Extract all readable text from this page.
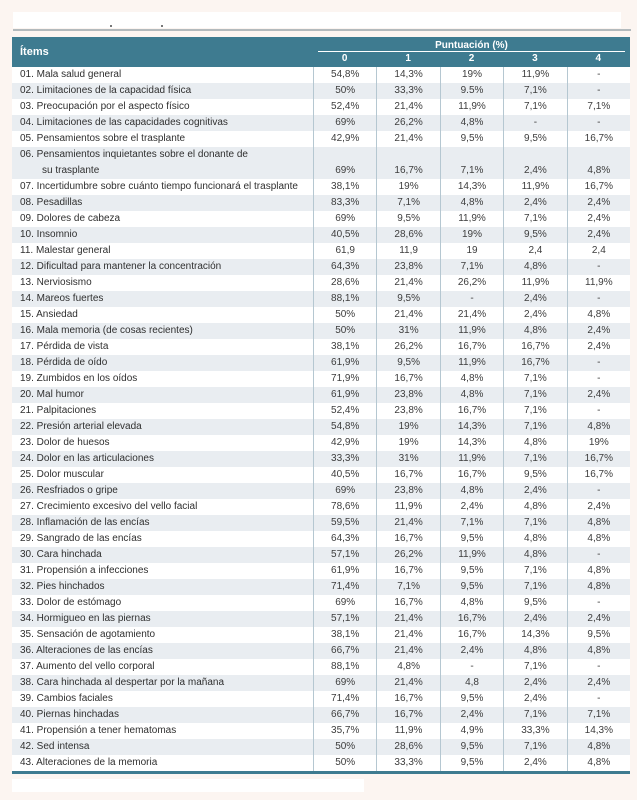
Ítems
Puntuación (%)
0	1	2	3	4
01. Mala salud general	54,8%	14,3%	19%	11,9%	-
02. Limitaciones de la capacidad física	50%	33,3%	9.5%	7,1%	-
03. Preocupación por el aspecto físico	52,4%	21,4%	11,9%	7,1%	7,1%
04. Limitaciones de las capacidades cognitivas	69%	26,2%	4,8%	-	-
05. Pensamientos sobre el trasplante	42,9%	21,4%	9,5%	9,5%	16,7%
06. Pensamientos inquietantes sobre el donante de
su trasplante	69%	16,7%	7,1%	2,4%	4,8%
07. Incertidumbre sobre cuánto tiempo funcionará el trasplante	38,1%	19%	14,3%	11,9%	16,7%
08. Pesadillas	83,3%	7,1%	4,8%	2,4%	2,4%
09. Dolores de cabeza	69%	9,5%	11,9%	7,1%	2,4%
10. Insomnio	40,5%	28,6%	19%	9,5%	2,4%
11. Malestar general	61,9	11,9	19	2,4	2,4
12. Dificultad para mantener la concentración	64,3%	23,8%	7,1%	4,8%	-
13. Nerviosismo	28,6%	21,4%	26,2%	11,9%	11,9%
14. Mareos fuertes	88,1%	9,5%	-	2,4%	-
15. Ansiedad	50%	21,4%	21,4%	2,4%	4,8%
16. Mala memoria (de cosas recientes)	50%	31%	11,9%	4,8%	2,4%
17. Pérdida de vista	38,1%	26,2%	16,7%	16,7%	2,4%
18. Pérdida de oído	61,9%	9,5%	11,9%	16,7%	-
19. Zumbidos en los oídos	71,9%	16,7%	4,8%	7,1%	-
20. Mal humor	61,9%	23,8%	4,8%	7,1%	2,4%
21. Palpitaciones	52,4%	23,8%	16,7%	7,1%	-
22. Presión arterial elevada	54,8%	19%	14,3%	7,1%	4,8%
23. Dolor de huesos	42,9%	19%	14,3%	4,8%	19%
24. Dolor en las articulaciones	33,3%	31%	11,9%	7,1%	16,7%
25. Dolor muscular	40,5%	16,7%	16,7%	9,5%	16,7%
26. Resfriados o gripe	69%	23,8%	4,8%	2,4%	-
27. Crecimiento excesivo del vello facial	78,6%	11,9%	2,4%	4,8%	2,4%
28. Inflamación de las encías	59,5%	21,4%	7,1%	7,1%	4,8%
29. Sangrado de las encías	64,3%	16,7%	9,5%	4,8%	4,8%
30. Cara hinchada	57,1%	26,2%	11,9%	4,8%	-
31. Propensión a infecciones	61,9%	16,7%	9,5%	7,1%	4,8%
32. Pies hinchados	71,4%	7,1%	9,5%	7,1%	4,8%
33. Dolor de estómago	69%	16,7%	4,8%	9,5%	-
34. Hormigueo en las piernas	57,1%	21,4%	16,7%	2,4%	2,4%
35. Sensación de agotamiento	38,1%	21,4%	16,7%	14,3%	9,5%
36. Alteraciones de las encías	66,7%	21,4%	2,4%	4,8%	4,8%
37. Aumento del vello corporal	88,1%	4,8%	-	7,1%	-
38. Cara hinchada al despertar por la mañana	69%	21,4%	4,8	2,4%	2,4%
39. Cambios faciales	71,4%	16,7%	9,5%	2,4%	-
40. Piernas hinchadas	66,7%	16,7%	2,4%	7,1%	7,1%
41. Propensión a tener hematomas	35,7%	11,9%	4,9%	33,3%	14,3%
42. Sed intensa	50%	28,6%	9,5%	7,1%	4,8%
43. Alteraciones de la memoria	50%	33,3%	9,5%	2,4%	4,8%
